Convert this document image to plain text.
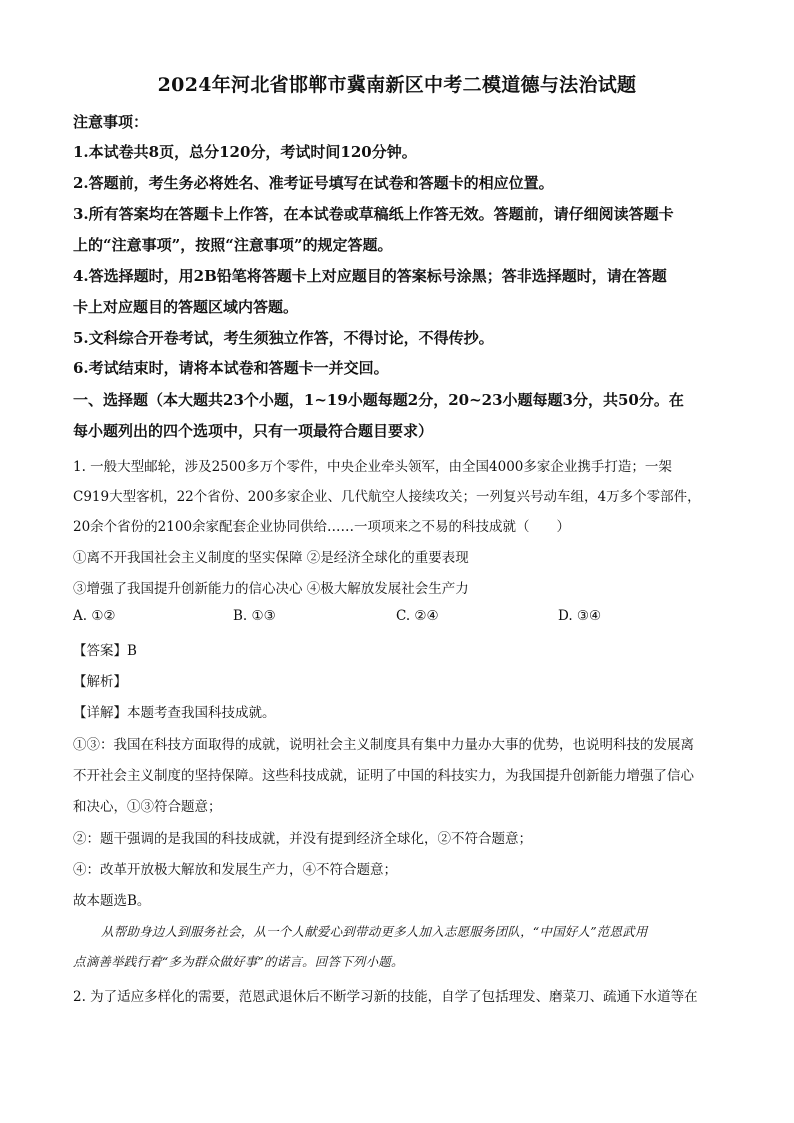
2024年河北省邯郸市冀南新区中考二模道德与法治试题
注意事项：
1.本试卷共8页，总分120分，考试时间120分钟。
2.答题前，考生务必将姓名、准考证号填写在试卷和答题卡的相应位置。
3.所有答案均在答题卡上作答，在本试卷或草稿纸上作答无效。答题前，请仔细阅读答题卡
上的“注意事项”，按照“注意事项”的规定答题。
4.答选择题时，用2B铅笔将答题卡上对应题目的答案标号涂黑；答非选择题时，请在答题
卡上对应题目的答题区域内答题。
5.文科综合开卷考试，考生须独立作答，不得讨论，不得传抄。
6.考试结束时，请将本试卷和答题卡一并交回。
一、选择题（本大题共23个小题，1~19小题每题2分，20~23小题每题3分，共50分。在
每小题列出的四个选项中，只有一项最符合题目要求）
1. 一般大型邮轮，涉及2500多万个零件，中央企业牵头领军，由全国4000多家企业携手打造；一架
C919大型客机，22个省份、200多家企业、几代航空人接续攻关；一列复兴号动车组，4万多个零部件，
20余个省份的2100余家配套企业协同供给……一项项来之不易的科技成就（　　）
①离不开我国社会主义制度的坚实保障 ②是经济全球化的重要表现
③增强了我国提升创新能力的信心决心 ④极大解放发展社会生产力
A. ①②	B. ①③	C. ②④	D. ③④
【答案】B
【解析】
【详解】本题考查我国科技成就。
①③：我国在科技方面取得的成就，说明社会主义制度具有集中力量办大事的优势，也说明科技的发展离
不开社会主义制度的坚持保障。这些科技成就，证明了中国的科技实力，为我国提升创新能力增强了信心
和决心，①③符合题意；
②：题干强调的是我国的科技成就，并没有提到经济全球化，②不符合题意；
④：改革开放极大解放和发展生产力，④不符合题意；
故本题选B。
从帮助身边人到服务社会，从一个人献爱心到带动更多人加入志愿服务团队，“中国好人”范恩武用
点滴善举践行着“多为群众做好事”的诺言。回答下列小题。
2. 为了适应多样化的需要，范恩武退休后不断学习新的技能，自学了包括理发、磨菜刀、疏通下水道等在
